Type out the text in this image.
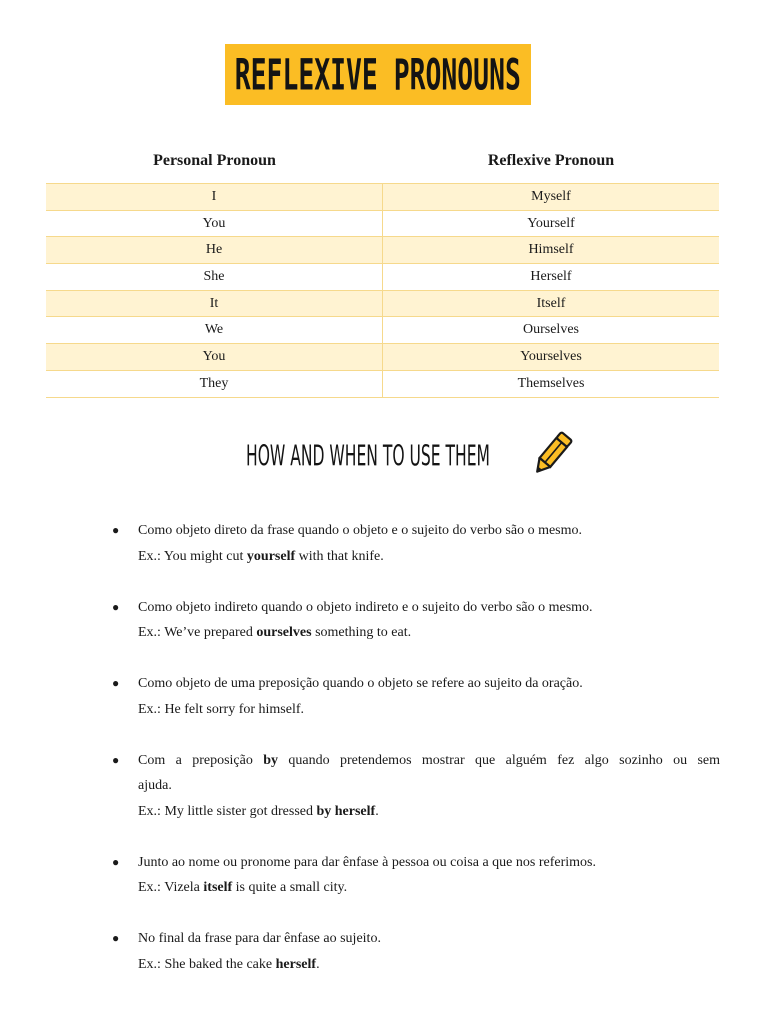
REFLEXIVE PRONOUNS
Personal Pronoun	Reflexive Pronoun
I	Myself
You	Yourself
He	Himself
She	Herself
It	Itself
We	Ourselves
You	Yourselves
They	Themselves
HOW AND WHEN TO USE THEM
● Como objeto direto da frase quando o objeto e o sujeito do verbo são o mesmo.
Ex.: You might cut yourself with that knife.
● Como objeto indireto quando o objeto indireto e o sujeito do verbo são o mesmo.
Ex.: We’ve prepared ourselves something to eat.
● Como objeto de uma preposição quando o objeto se refere ao sujeito da oração.
Ex.: He felt sorry for himself.
● Com a preposição by quando pretendemos mostrar que alguém fez algo sozinho ou sem
ajuda.
Ex.: My little sister got dressed by herself.
● Junto ao nome ou pronome para dar ênfase à pessoa ou coisa a que nos referimos.
Ex.: Vizela itself is quite a small city.
● No final da frase para dar ênfase ao sujeito.
Ex.: She baked the cake herself.
